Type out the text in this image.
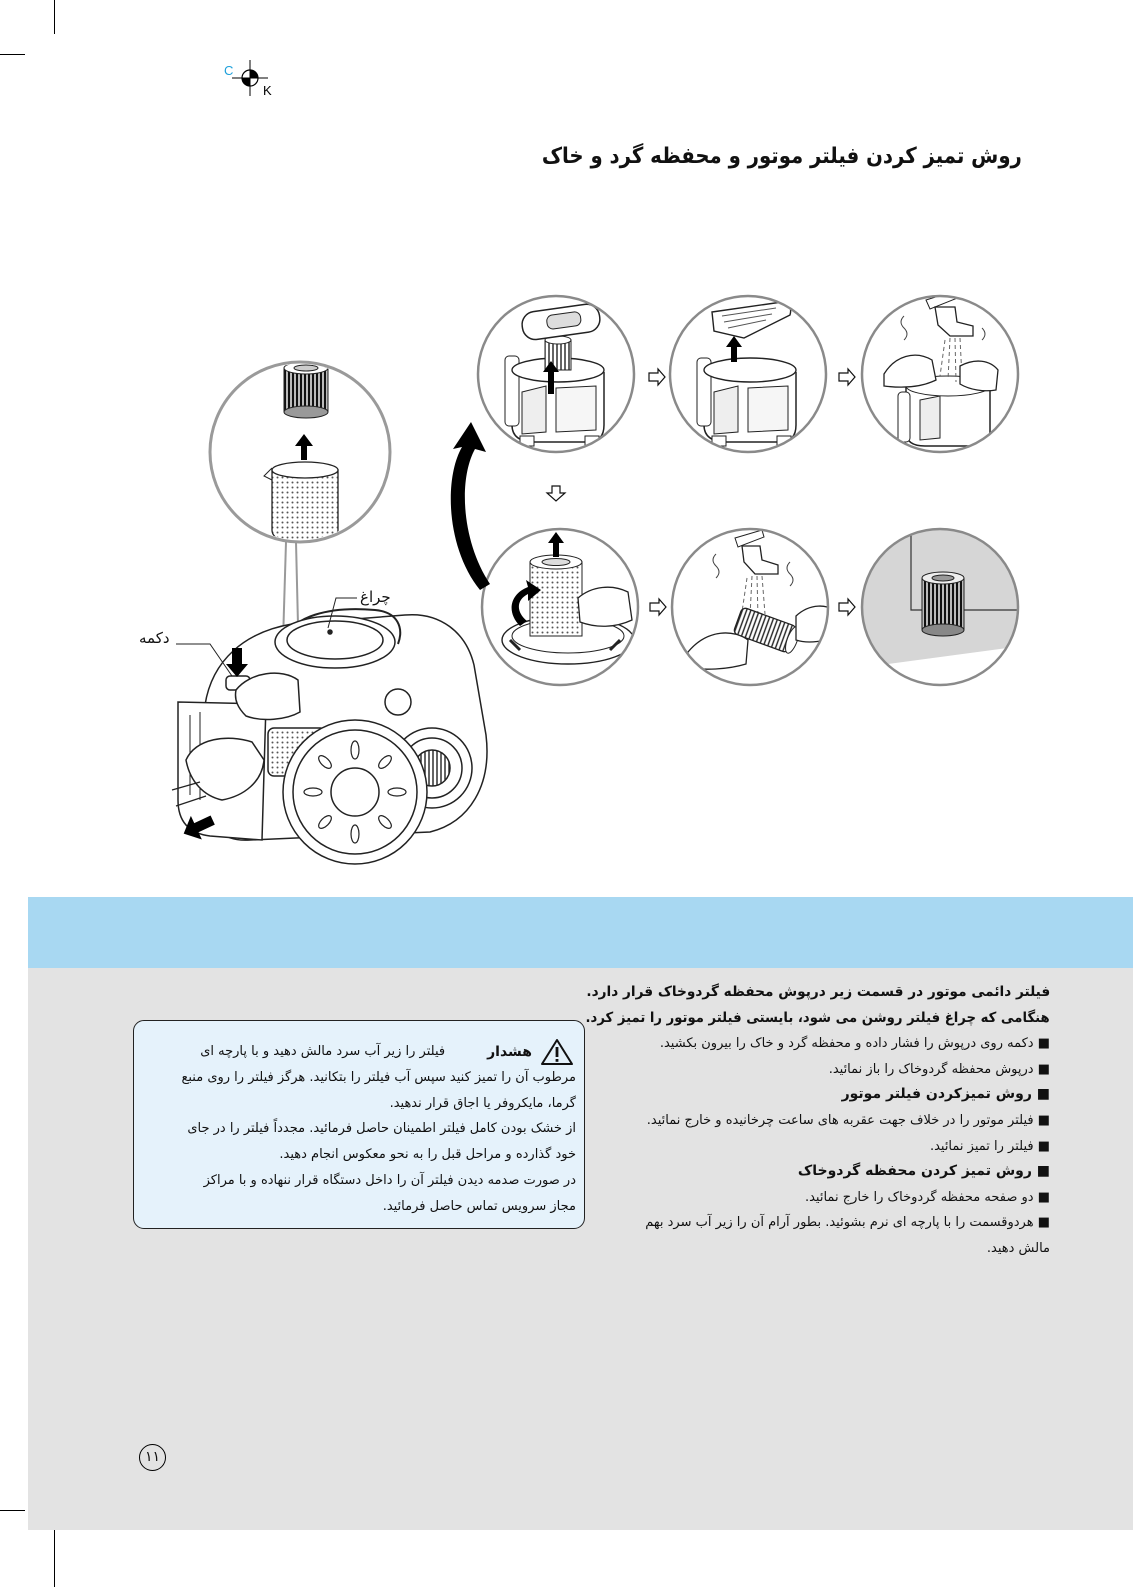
C
K
چراغ
دکمه
روش تمیز کردن فیلتر موتور و محفظه گرد و خاک
فیلتر دائمی موتور در قسمت زیر درپوش محفظه گردوخاک قرار دارد.
هنگامی که چراغ فیلتر روشن می شود، بایستی فیلتر موتور را تمیز کرد.
■ دکمه روی درپوش را فشار داده و محفظه گرد و خاک را بیرون بکشید.
■ درپوش محفظه گردوخاک را باز نمائید.
■ روش تمیزکردن فیلتر موتور
■ فیلتر موتور را در خلاف جهت عقربه های ساعت چرخانیده و خارج نمائید.
■ فیلتر را تمیز نمائید.
■ روش تمیز کردن محفظه گردوخاک
■ دو صفحه محفظه گردوخاک را خارج نمائید.
■ هردوقسمت را با پارچه ای نرم بشوئید. بطور آرام آن را زیر آب سرد بهم
مالش دهید.
هشدار
فیلتر را زیر آب سرد مالش دهید و با پارچه ای
مرطوب آن را تمیز کنید سپس آب فیلتر را بتکانید. هرگز فیلتر را روی منبع
گرما، مایکروفر یا اجاق قرار ندهید.
از خشک بودن کامل فیلتر اطمینان حاصل فرمائید. مجدداً فیلتر را در جای
خود گذارده و مراحل قبل را به نحو معکوس انجام دهید.
در صورت صدمه دیدن فیلتر آن را داخل دستگاه قرار ننهاده و با مراکز
مجاز سرویس تماس حاصل فرمائید.
۱۱
